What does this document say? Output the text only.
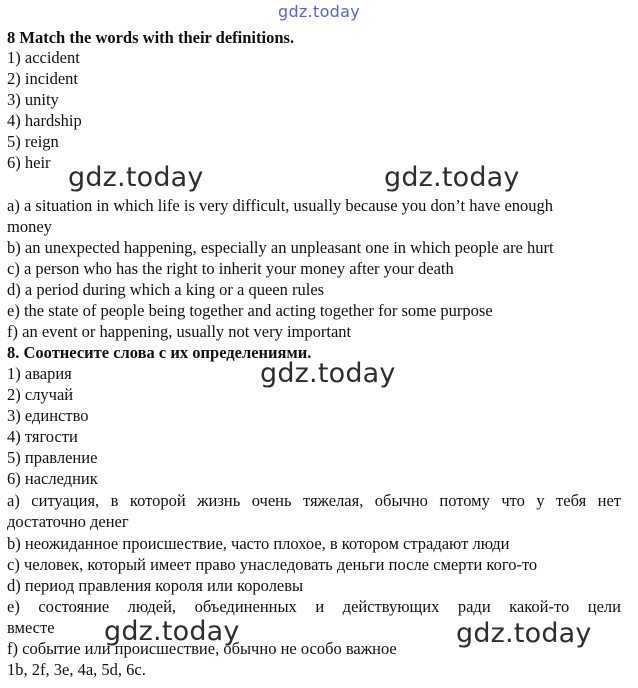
gdz.today
8 Match the words with their definitions.
1) accident
2) incident
3) unity
4) hardship
5) reign
6) heir
a) a situation in which life is very difficult, usually because you don’t have enough
money
b) an unexpected happening, especially an unpleasant one in which people are hurt
c) a person who has the right to inherit your money after your death
d) a period during which a king or a queen rules
e) the state of people being together and acting together for some purpose
f) an event or happening, usually not very important
8. Соотнесите слова с их определениями.
1) авария
2) случай
3) единство
4) тягости
5) правление
6) наследник
a) ситуация, в которой жизнь очень тяжелая, обычно потому что у тебя нет
достаточно денег
b) неожиданное происшествие, часто плохое, в котором страдают люди
c) человек, который имеет право унаследовать деньги после смерти кого-то
d) период правления короля или королевы
e) состояние людей, объединенных и действующих ради какой-то цели
вместе
f) событие или происшествие, обычно не особо важное
1b, 2f, 3e, 4a, 5d, 6c.
gdz.today	gdz.today
gdz.today
gdz.today	gdz.today
